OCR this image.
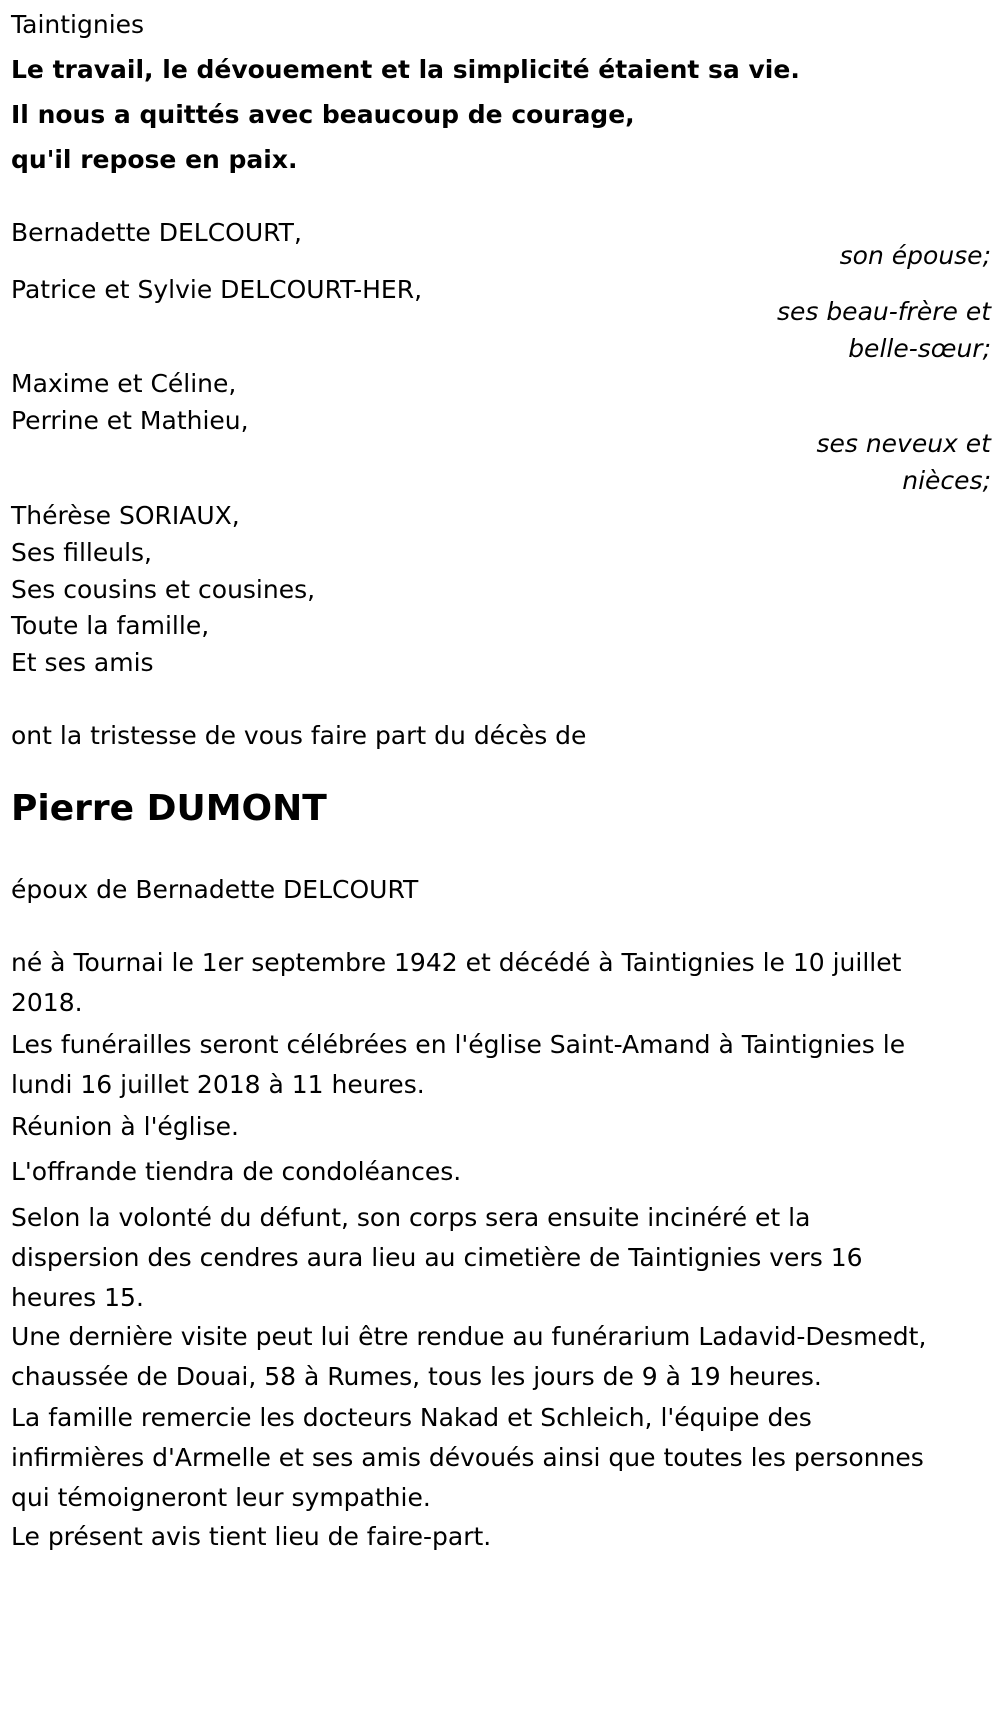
Taintignies
Le travail, le dévouement et la simplicité étaient sa vie.
Il nous a quittés avec beaucoup de courage,
qu'il repose en paix.
Bernadette DELCOURT,
son épouse;
Patrice et Sylvie DELCOURT-HER,
ses beau-frère et
belle-sœur;
Maxime et Céline,
Perrine et Mathieu,
ses neveux et
nièces;
Thérèse SORIAUX,
Ses filleuls,
Ses cousins et cousines,
Toute la famille,
Et ses amis
ont la tristesse de vous faire part du décès de
Pierre DUMONT
époux de Bernadette DELCOURT
né à Tournai le 1er septembre 1942 et décédé à Taintignies le 10 juillet 2018.
Les funérailles seront célébrées en l'église Saint-Amand à Taintignies le lundi 16 juillet 2018 à 11 heures.
Réunion à l'église.
L'offrande tiendra de condoléances.
Selon la volonté du défunt, son corps sera ensuite incinéré et la dispersion des cendres aura lieu au cimetière de Taintignies vers 16 heures 15.
Une dernière visite peut lui être rendue au funérarium Ladavid-Desmedt, chaussée de Douai, 58 à Rumes, tous les jours de 9 à 19 heures.
La famille remercie les docteurs Nakad et Schleich, l'équipe des infirmières d'Armelle et ses amis dévoués ainsi que toutes les personnes qui témoigneront leur sympathie.
Le présent avis tient lieu de faire-part.
